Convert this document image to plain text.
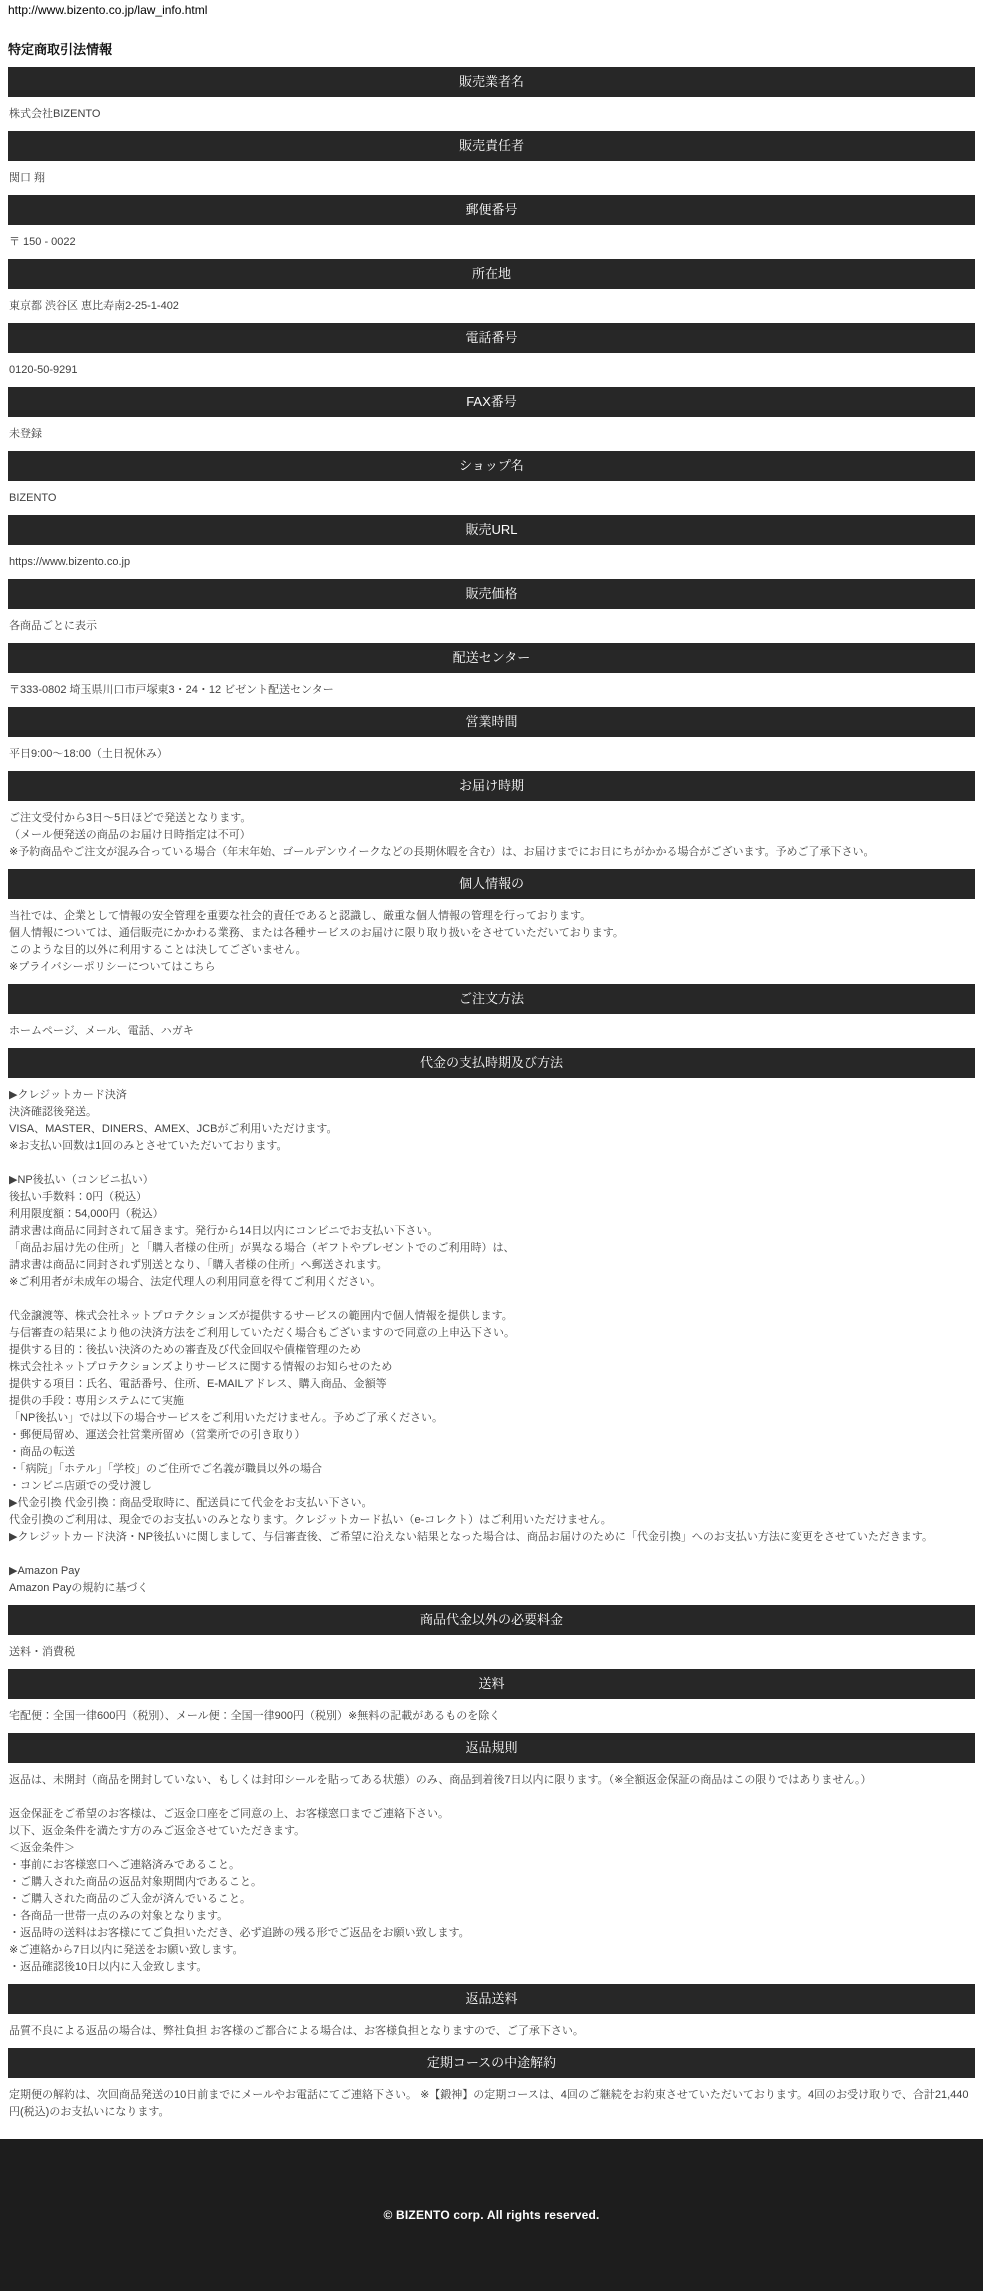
http://www.bizento.co.jp/law_info.html
特定商取引法情報
販売業者名
株式会社BIZENTO
販売責任者
関口 翔
郵便番号
〒 150 - 0022
所在地
東京都 渋谷区 恵比寿南2-25-1-402
電話番号
0120-50-9291
FAX番号
未登録
ショップ名
BIZENTO
販売URL
https://www.bizento.co.jp
販売価格
各商品ごとに表示
配送センター
〒333-0802 埼玉県川口市戸塚東3・24・12 ビゼント配送センター
営業時間
平日9:00〜18:00（土日祝休み）
お届け時期
ご注文受付から3日〜5日ほどで発送となります。
（メール便発送の商品のお届け日時指定は不可）
※予約商品やご注文が混み合っている場合（年末年始、ゴールデンウイークなどの長期休暇を含む）は、お届けまでにお日にちがかかる場合がございます。予めご了承下さい。
個人情報の
当社では、企業として情報の安全管理を重要な社会的責任であると認識し、厳重な個人情報の管理を行っております。
個人情報については、通信販売にかかわる業務、または各種サービスのお届けに限り取り扱いをさせていただいております。
このような目的以外に利用することは決してございません。
※プライバシーポリシーについてはこちら
ご注文方法
ホームページ、メール、電話、ハガキ
代金の支払時期及び方法
▶クレジットカード決済
決済確認後発送。
VISA、MASTER、DINERS、AMEX、JCBがご利用いただけます。
※お支払い回数は1回のみとさせていただいております。
▶NP後払い（コンビニ払い）
後払い手数料：0円（税込）
利用限度額：54,000円（税込）
請求書は商品に同封されて届きます。発行から14日以内にコンビニでお支払い下さい。
「商品お届け先の住所」と「購入者様の住所」が異なる場合（ギフトやプレゼントでのご利用時）は、
請求書は商品に同封されず別送となり、「購入者様の住所」へ郵送されます。
※ご利用者が未成年の場合、法定代理人の利用同意を得てご利用ください。
代金譲渡等、株式会社ネットプロテクションズが提供するサービスの範囲内で個人情報を提供します。
与信審査の結果により他の決済方法をご利用していただく場合もございますので同意の上申込下さい。
提供する目的：後払い決済のための審査及び代金回収や債権管理のため
株式会社ネットプロテクションズよりサービスに関する情報のお知らせのため
提供する項目：氏名、電話番号、住所、E-MAILアドレス、購入商品、金額等
提供の手段：専用システムにて実施
「NP後払い」では以下の場合サービスをご利用いただけません。予めご了承ください。
・郵便局留め、運送会社営業所留め（営業所での引き取り）
・商品の転送
・「病院」「ホテル」「学校」のご住所でご名義が職員以外の場合
・コンビニ店頭での受け渡し
▶代金引換 代金引換：商品受取時に、配送員にて代金をお支払い下さい。
代金引換のご利用は、現金でのお支払いのみとなります。クレジットカード払い（e-コレクト）はご利用いただけません。
▶クレジットカード決済・NP後払いに関しまして、与信審査後、ご希望に沿えない結果となった場合は、商品お届けのために「代金引換」へのお支払い方法に変更をさせていただきます。
▶Amazon Pay
Amazon Payの規約に基づく
商品代金以外の必要料金
送料・消費税
送料
宅配便：全国一律600円（税別）、メール便：全国一律900円（税別）※無料の記載があるものを除く
返品規則
返品は、未開封（商品を開封していない、もしくは封印シールを貼ってある状態）のみ、商品到着後7日以内に限ります。（※全額返金保証の商品はこの限りではありません。）
返金保証をご希望のお客様は、ご返金口座をご同意の上、お客様窓口までご連絡下さい。
以下、返金条件を満たす方のみご返金させていただきます。
＜返金条件＞
・事前にお客様窓口へご連絡済みであること。
・ご購入された商品の返品対象期間内であること。
・ご購入された商品のご入金が済んでいること。
・各商品一世帯一点のみの対象となります。
・返品時の送料はお客様にてご負担いただき、必ず追跡の残る形でご返品をお願い致します。
※ご連絡から7日以内に発送をお願い致します。
・返品確認後10日以内に入金致します。
返品送料
品質不良による返品の場合は、弊社負担 お客様のご都合による場合は、お客様負担となりますので、ご了承下さい。
定期コースの中途解約
定期便の解約は、次回商品発送の10日前までにメールやお電話にてご連絡下さい。 ※【鍛神】の定期コースは、4回のご継続をお約束させていただいております。4回のお受け取りで、合計21,440円(税込)のお支払いになります。
© BIZENTO corp. All rights reserved.
